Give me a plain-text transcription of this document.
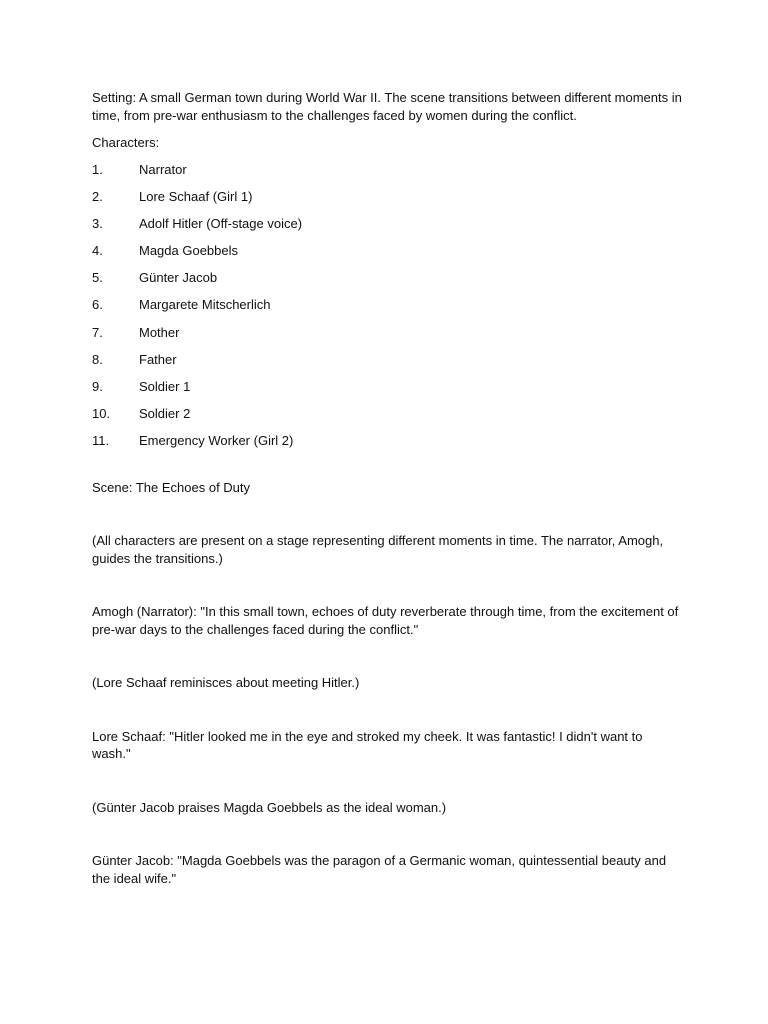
Setting: A small German town during World War II. The scene transitions between different moments in time, from pre-war enthusiasm to the challenges faced by women during the conflict.

Characters:

1.	Narrator
2.	Lore Schaaf (Girl 1)
3.	Adolf Hitler (Off-stage voice)
4.	Magda Goebbels
5.	Günter Jacob
6.	Margarete Mitscherlich
7.	Mother
8.	Father
9.	Soldier 1
10.	Soldier 2
11.	Emergency Worker (Girl 2)

Scene: The Echoes of Duty

(All characters are present on a stage representing different moments in time. The narrator, Amogh, guides the transitions.)

Amogh (Narrator): "In this small town, echoes of duty reverberate through time, from the excitement of pre-war days to the challenges faced during the conflict."

(Lore Schaaf reminisces about meeting Hitler.)

Lore Schaaf: "Hitler looked me in the eye and stroked my cheek. It was fantastic! I didn't want to wash."

(Günter Jacob praises Magda Goebbels as the ideal woman.)

Günter Jacob: "Magda Goebbels was the paragon of a Germanic woman, quintessential beauty and the ideal wife."
